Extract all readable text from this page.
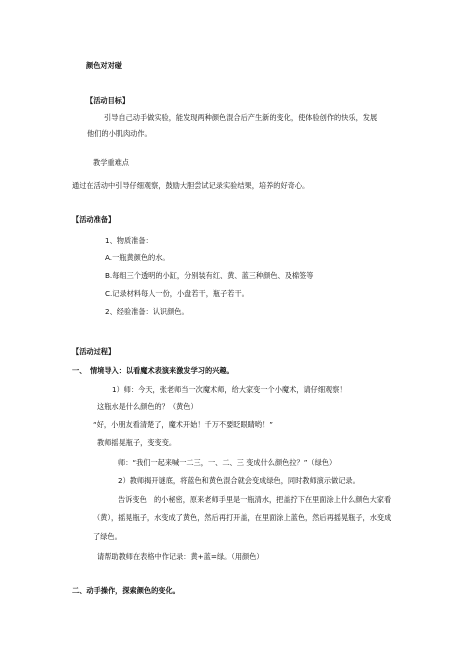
颜色对对碰
【活动目标】
引导自己动手做实验，能发现两种颜色混合后产生新的变化，使体验创作的快乐，发展
他们的小肌肉动作。
教学重难点
通过在活动中引导仔细观察，鼓励大胆尝试记录实验结果，培养的好奇心。
【活动准备】
1、物质准备：
A.一瓶黄颜色的水。
B.每组三个透明的小缸，分别装有红、黄、蓝三种颜色、及棉签等
C.记录材料每人一份，小盘若干，瓶子若干。
2、经验准备：认识颜色。
【活动过程】
一、　情境导入：以看魔术表演来激发学习的兴趣。
1）师：今天，张老师当一次魔术师，给大家变一个小魔术，请仔细观察！
这瓶水是什么颜色的？（黄色）
“好，小朋友看清楚了，魔术开始！千万不要眨眼睛哟！”
教师摇晃瓶子，变变变。
师：“我们一起来喊一二三，一、二、三 变成什么颜色拉？”（绿色）
2）教师揭开谜底，将蓝色和黄色混合就会变成绿色，同时教师演示做记录。
告诉变色　的小秘密，原来老师手里是一瓶清水，把盖拧下在里面涂上什么颜色大家看
（黄），摇晃瓶子，水变成了黄色，然后再打开盖，在里面涂上蓝色，然后再摇晃瓶子，水变成
了绿色。
请帮助教师在表格中作记录：黄+蓝=绿。（用颜色）
二、动手操作，探索颜色的变化。
